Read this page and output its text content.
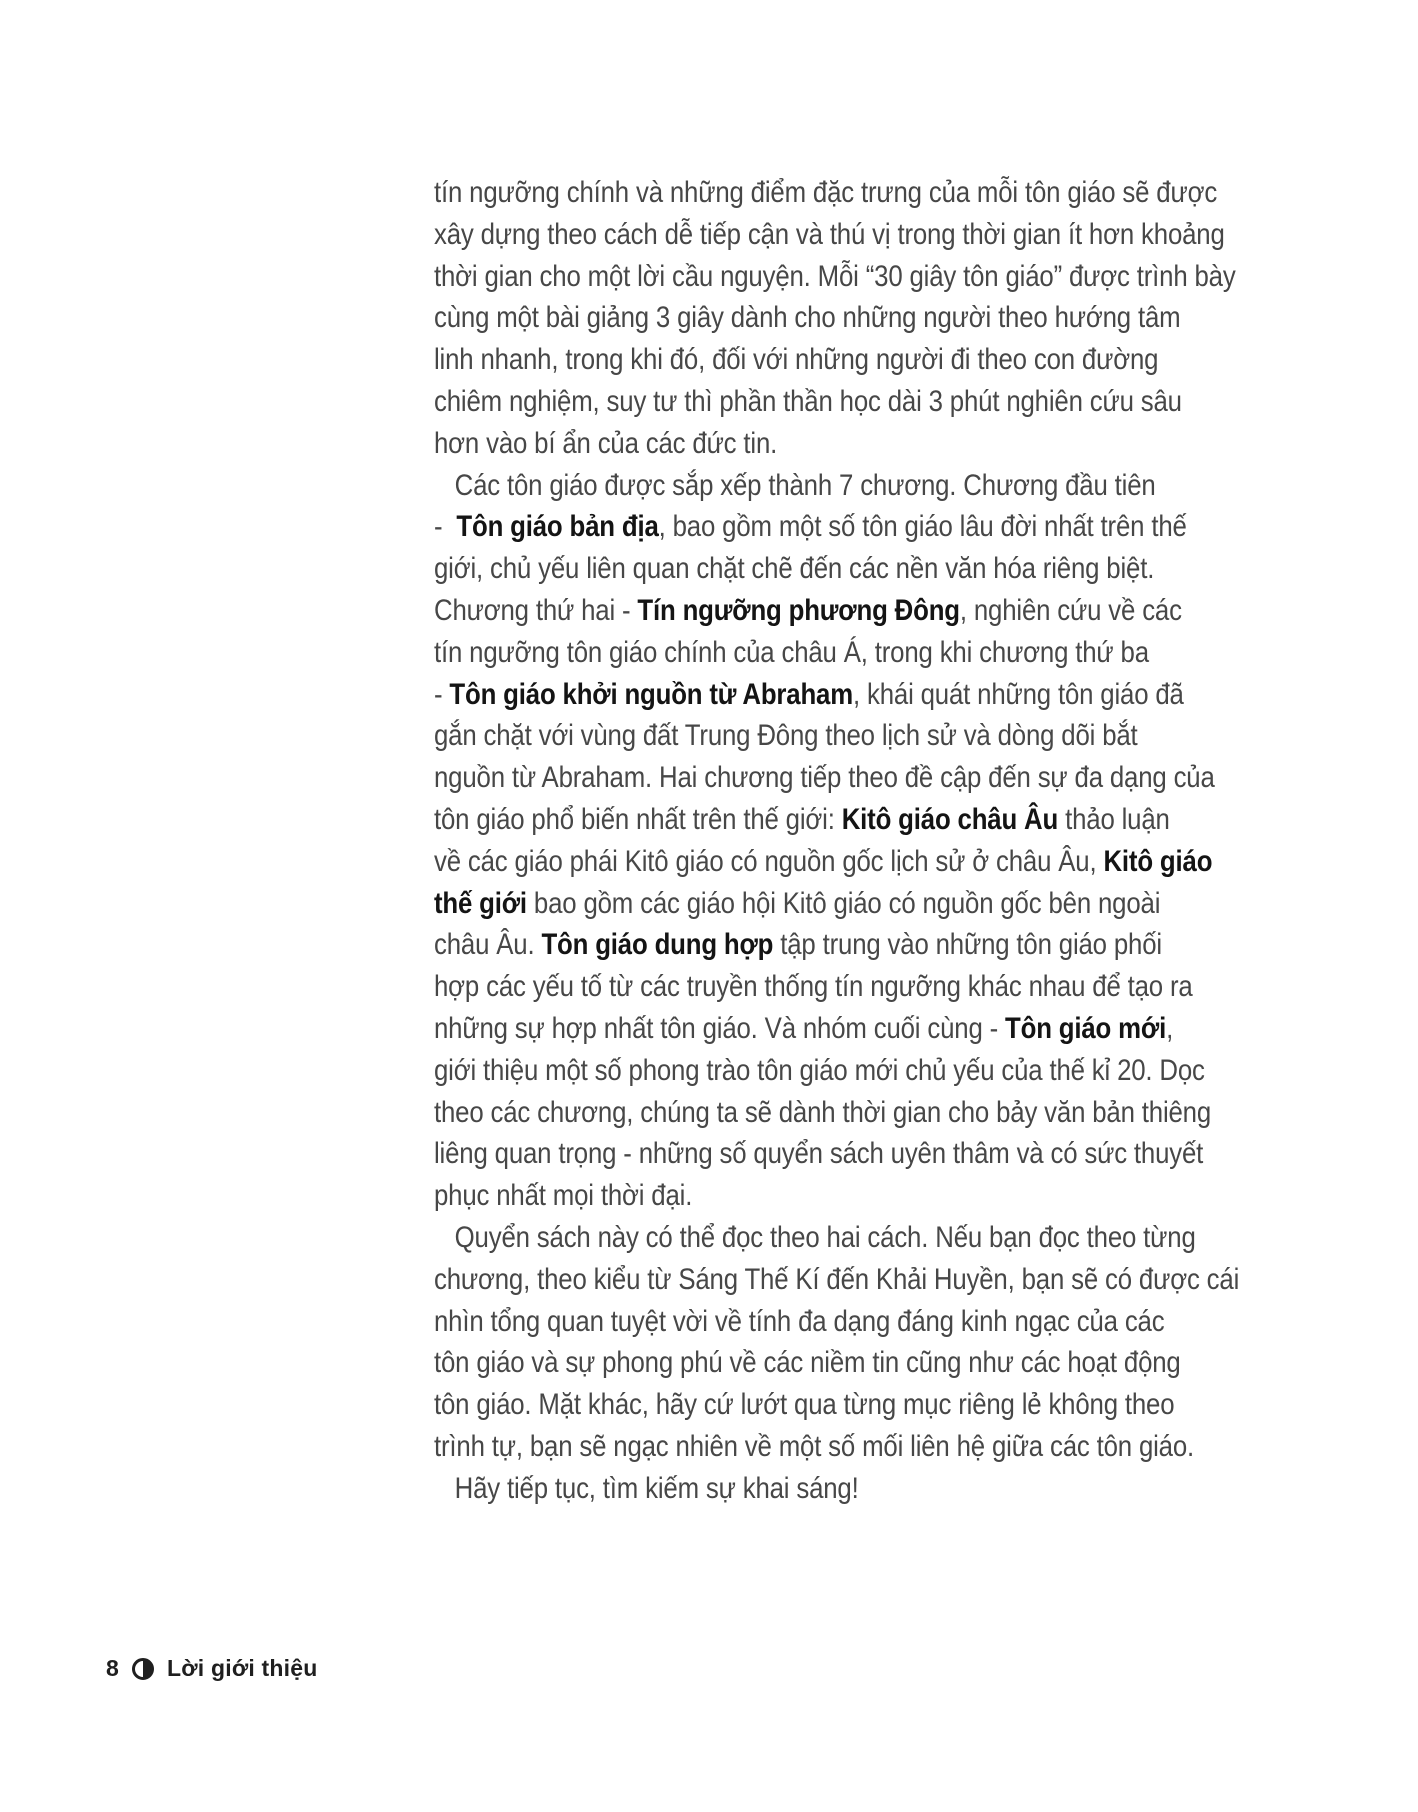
tín ngưỡng chính và những điểm đặc trưng của mỗi tôn giáo sẽ được
xây dựng theo cách dễ tiếp cận và thú vị trong thời gian ít hơn khoảng
thời gian cho một lời cầu nguyện. Mỗi “30 giây tôn giáo” được trình bày
cùng một bài giảng 3 giây dành cho những người theo hướng tâm
linh nhanh, trong khi đó, đối với những người đi theo con đường
chiêm nghiệm, suy tư thì phần thần học dài 3 phút nghiên cứu sâu
hơn vào bí ẩn của các đức tin.
Các tôn giáo được sắp xếp thành 7 chương. Chương đầu tiên
-  Tôn giáo bản địa, bao gồm một số tôn giáo lâu đời nhất trên thế
giới, chủ yếu liên quan chặt chẽ đến các nền văn hóa riêng biệt.
Chương thứ hai - Tín ngưỡng phương Đông, nghiên cứu về các
tín ngưỡng tôn giáo chính của châu Á, trong khi chương thứ ba
- Tôn giáo khởi nguồn từ Abraham, khái quát những tôn giáo đã
gắn chặt với vùng đất Trung Đông theo lịch sử và dòng dõi bắt
nguồn từ Abraham. Hai chương tiếp theo đề cập đến sự đa dạng của
tôn giáo phổ biến nhất trên thế giới: Kitô giáo châu Âu thảo luận
về các giáo phái Kitô giáo có nguồn gốc lịch sử ở châu Âu, Kitô giáo
thế giới bao gồm các giáo hội Kitô giáo có nguồn gốc bên ngoài
châu Âu. Tôn giáo dung hợp tập trung vào những tôn giáo phối
hợp các yếu tố từ các truyền thống tín ngưỡng khác nhau để tạo ra
những sự hợp nhất tôn giáo. Và nhóm cuối cùng - Tôn giáo mới,
giới thiệu một số phong trào tôn giáo mới chủ yếu của thế kỉ 20. Dọc
theo các chương, chúng ta sẽ dành thời gian cho bảy văn bản thiêng
liêng quan trọng - những số quyển sách uyên thâm và có sức thuyết
phục nhất mọi thời đại.
Quyển sách này có thể đọc theo hai cách. Nếu bạn đọc theo từng
chương, theo kiểu từ Sáng Thế Kí đến Khải Huyền, bạn sẽ có được cái
nhìn tổng quan tuyệt vời về tính đa dạng đáng kinh ngạc của các
tôn giáo và sự phong phú về các niềm tin cũng như các hoạt động
tôn giáo. Mặt khác, hãy cứ lướt qua từng mục riêng lẻ không theo
trình tự, bạn sẽ ngạc nhiên về một số mối liên hệ giữa các tôn giáo.
Hãy tiếp tục, tìm kiếm sự khai sáng!
8 Lời giới thiệu
